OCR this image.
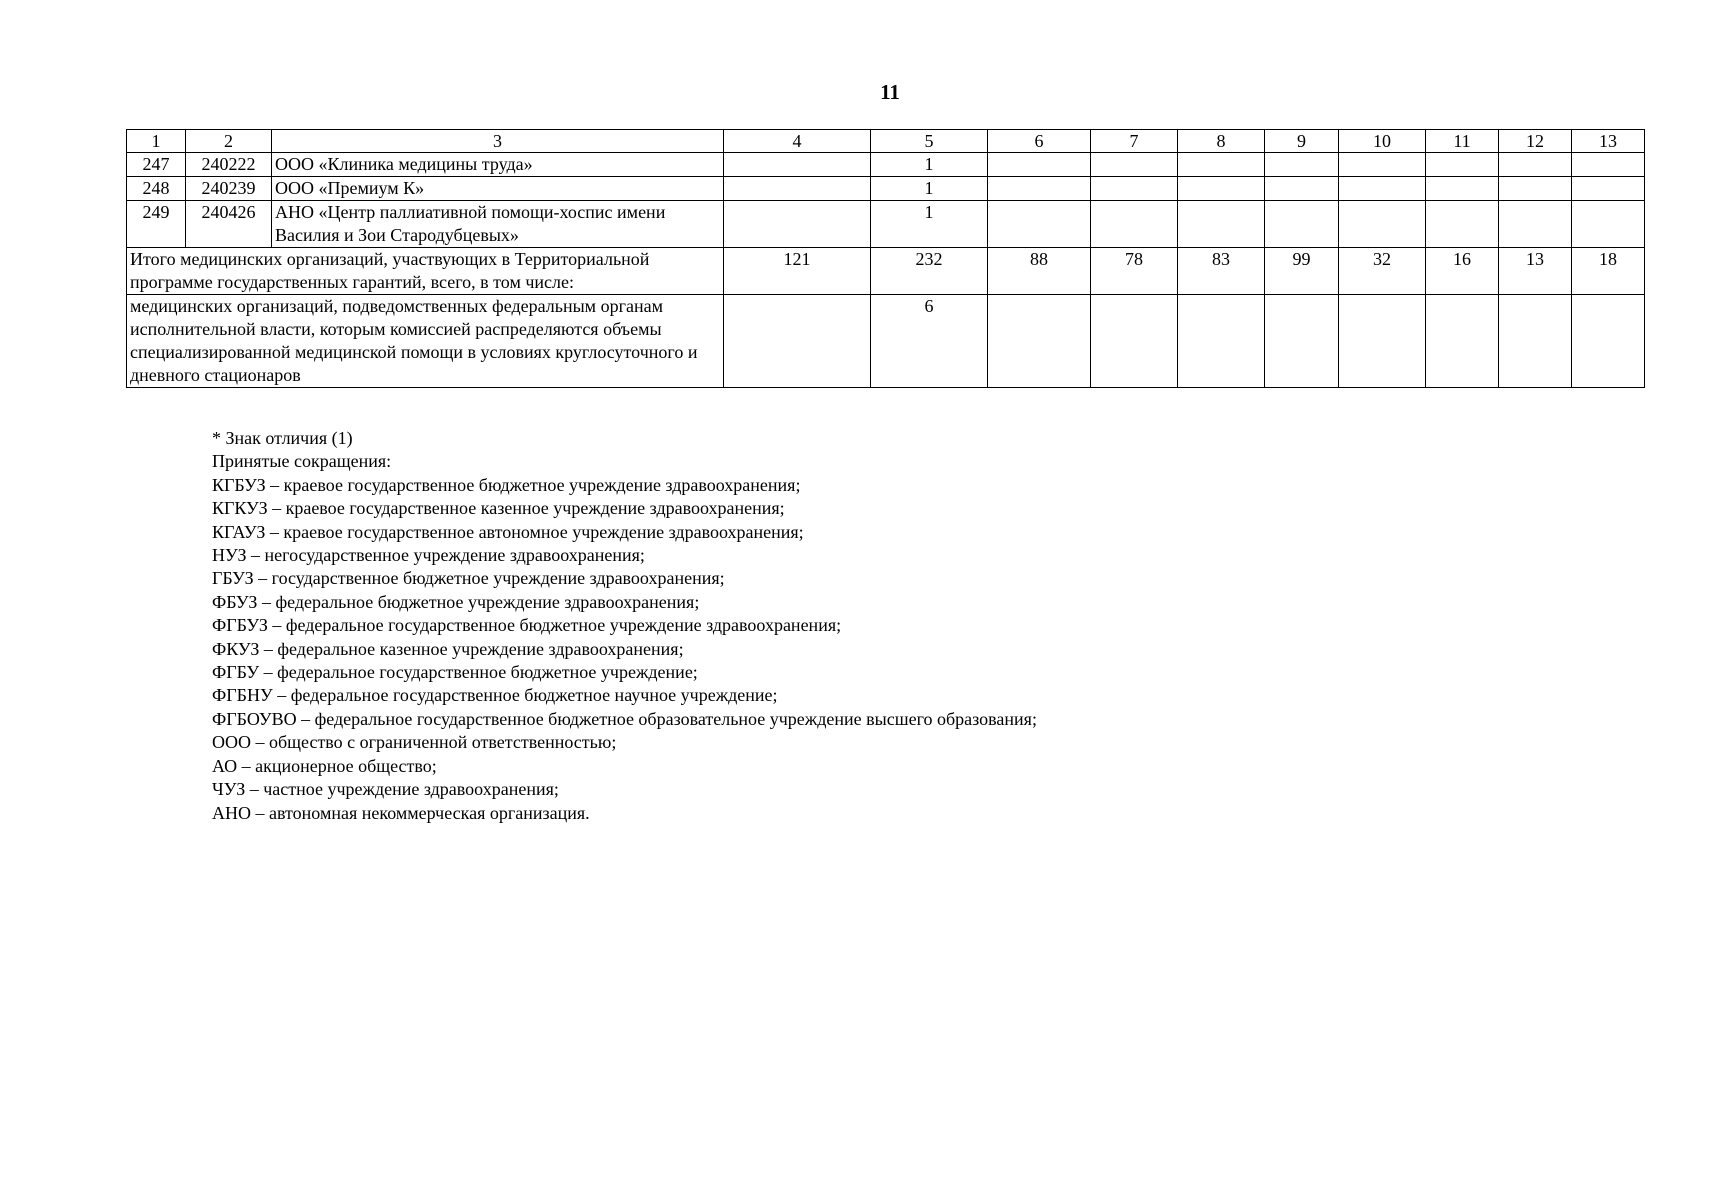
11
1	2	3	4	5	6	7	8	9	10	11	12	13
247	240222	ООО «Клиника медицины труда»		1								
248	240239	ООО «Премиум К»		1								
249	240426	АНО «Центр паллиативной помощи-хоспис имени Василия и Зои Стародубцевых»		1								
Итого медицинских организаций, участвующих в Территориальной программе государственных гарантий, всего, в том числе:			121	232	88	78	83	99	32	16	13	18
медицинских организаций, подведомственных федеральным органам исполнительной власти, которым комиссией распределяются объемы специализированной медицинской помощи в условиях круглосуточного и дневного стационаров				6								
* Знак отличия (1)
Принятые сокращения:
КГБУЗ – краевое государственное бюджетное учреждение здравоохранения;
КГКУЗ – краевое государственное казенное учреждение здравоохранения;
КГАУЗ – краевое государственное автономное учреждение здравоохранения;
НУЗ – негосударственное учреждение здравоохранения;
ГБУЗ – государственное бюджетное учреждение здравоохранения;
ФБУЗ – федеральное бюджетное учреждение здравоохранения;
ФГБУЗ – федеральное государственное бюджетное учреждение здравоохранения;
ФКУЗ – федеральное казенное учреждение здравоохранения;
ФГБУ – федеральное государственное бюджетное учреждение;
ФГБНУ – федеральное государственное бюджетное научное учреждение;
ФГБОУВО – федеральное государственное бюджетное образовательное учреждение высшего образования;
ООО – общество с ограниченной ответственностью;
АО – акционерное общество;
ЧУЗ – частное учреждение здравоохранения;
АНО – автономная некоммерческая организация.
